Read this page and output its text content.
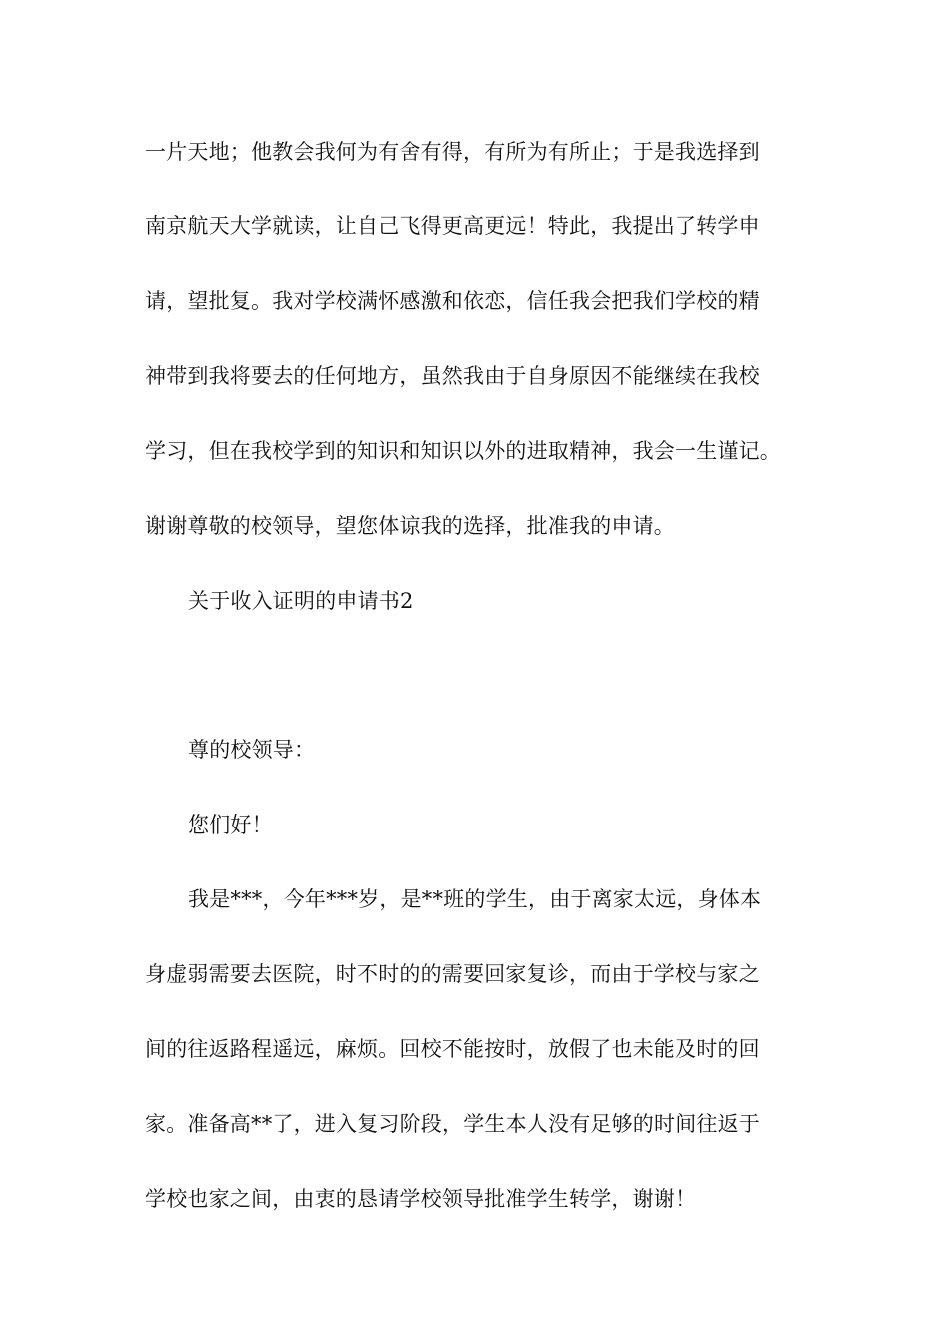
一片天地；他教会我何为有舍有得，有所为有所止；于是我选择到
南京航天大学就读，让自己飞得更高更远！特此，我提出了转学申
请，望批复。我对学校满怀感激和依恋，信任我会把我们学校的精
神带到我将要去的任何地方，虽然我由于自身原因不能继续在我校
学习，但在我校学到的知识和知识以外的进取精神，我会一生谨记。
谢谢尊敬的校领导，望您体谅我的选择，批准我的申请。
关于收入证明的申请书2
尊的校领导：
您们好！
我是***，今年***岁，是**班的学生，由于离家太远，身体本
身虚弱需要去医院，时不时的的需要回家复诊，而由于学校与家之
间的往返路程遥远，麻烦。回校不能按时，放假了也未能及时的回
家。准备高**了，进入复习阶段，学生本人没有足够的时间往返于
学校也家之间，由衷的恳请学校领导批准学生转学，谢谢！
